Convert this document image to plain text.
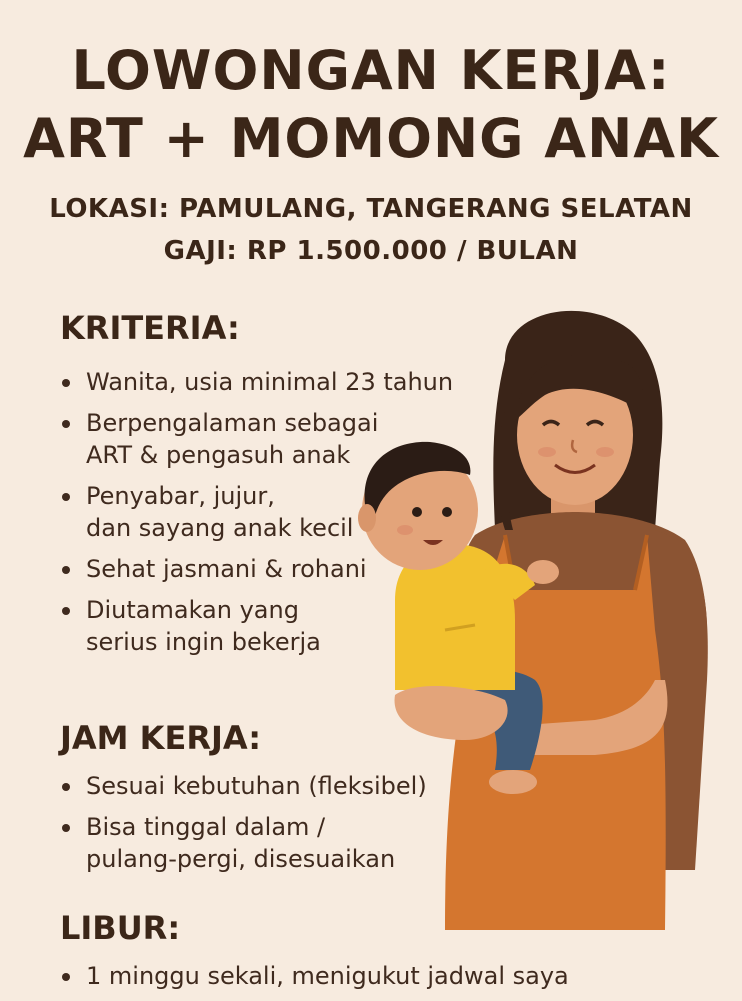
LOWONGAN KERJA:
ART + MOMONG ANAK
LOKASI: PAMULANG, TANGERANG SELATAN
GAJI: RP 1.500.000 / BULAN
KRITERIA:
Wanita, usia minimal 23 tahun
Berpengalaman sebagai
ART & pengasuh anak
Penyabar, jujur,
dan sayang anak kecil
Sehat jasmani & rohani
Diutamakan yang
serius ingin bekerja
JAM KERJA:
Sesuai kebutuhan (fleksibel)
Bisa tinggal dalam /
pulang-pergi, disesuaikan
LIBUR:
1 minggu sekali, menigukut jadwal saya
